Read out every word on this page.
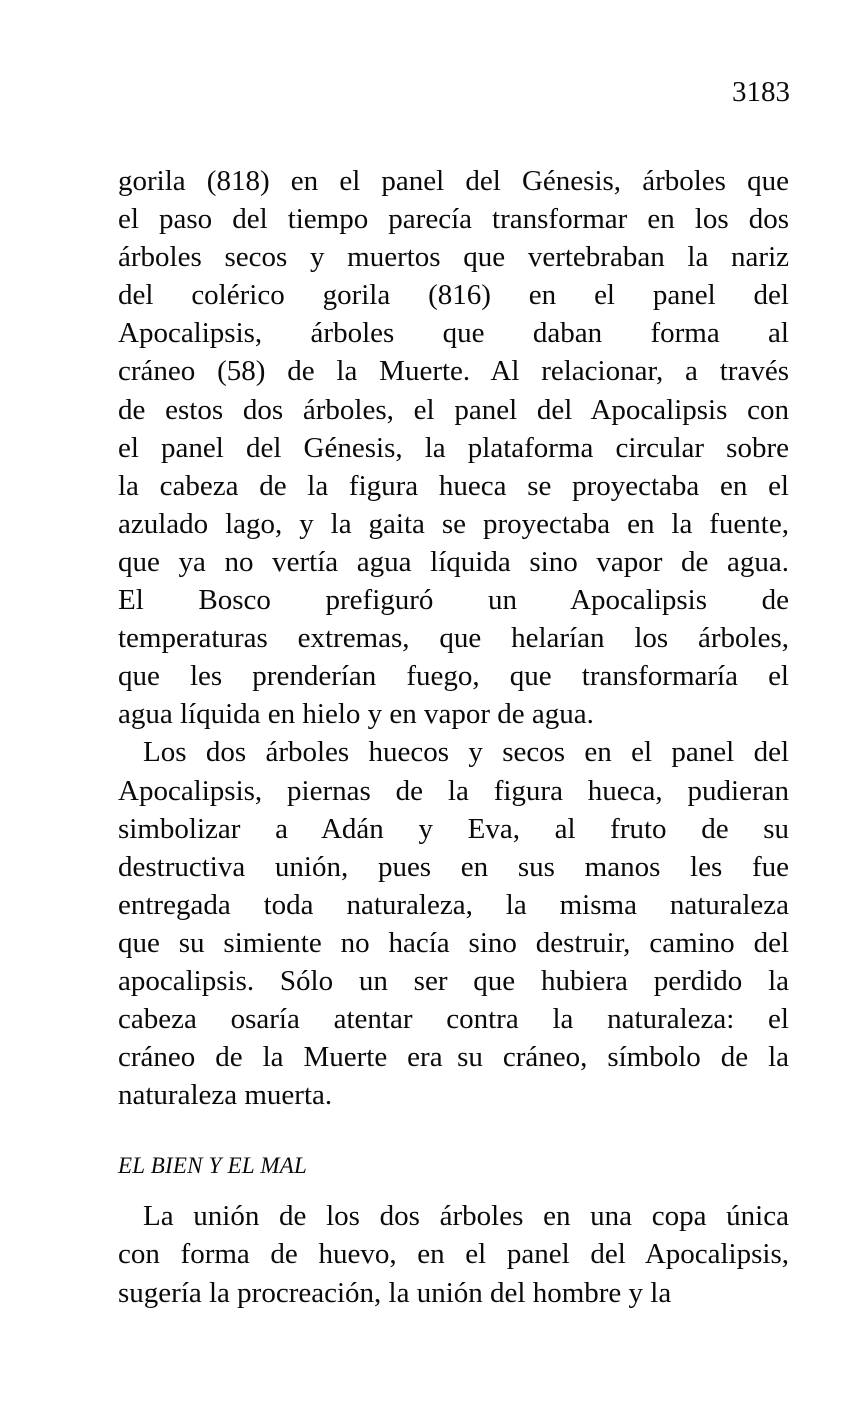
3183

gorila (818) en el panel del Génesis, árboles que
el paso del tiempo parecía transformar en los dos
árboles secos y muertos que vertebraban la nariz
del colérico gorila (816) en el panel del
Apocalipsis, árboles que daban forma al
cráneo (58) de la Muerte. Al relacionar, a través
de estos dos árboles, el panel del Apocalipsis con
el panel del Génesis, la plataforma circular sobre
la cabeza de la figura hueca se proyectaba en el
azulado lago, y la gaita se proyectaba en la fuente,
que ya no vertía agua líquida sino vapor de agua.
El Bosco prefiguró un Apocalipsis de
temperaturas extremas, que helarían los árboles,
que les prenderían fuego, que transformaría el
agua líquida en hielo y en vapor de agua.

Los dos árboles huecos y secos en el panel del
Apocalipsis, piernas de la figura hueca, pudieran
simbolizar a Adán y Eva, al fruto de su
destructiva unión, pues en sus manos les fue
entregada toda naturaleza, la misma naturaleza
que su simiente no hacía sino destruir, camino del
apocalipsis. Sólo un ser que hubiera perdido la
cabeza osaría atentar contra la naturaleza: el
cráneo de la Muerte era su cráneo, símbolo de la
naturaleza muerta.

EL BIEN Y EL MAL

La unión de los dos árboles en una copa única
con forma de huevo, en el panel del Apocalipsis,
sugería la procreación, la unión del hombre y la
